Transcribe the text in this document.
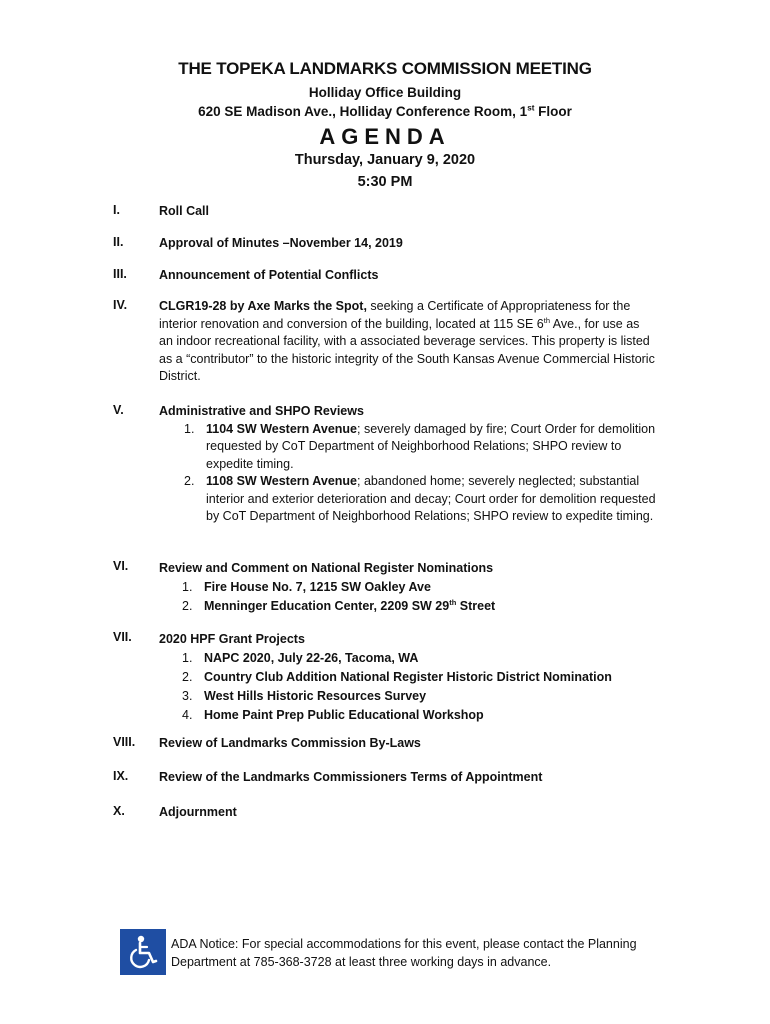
THE TOPEKA LANDMARKS COMMISSION MEETING
Holliday Office Building
620 SE Madison Ave., Holliday Conference Room, 1st Floor
AGENDA
Thursday, January 9, 2020
5:30 PM
I.	Roll Call
II.	Approval of Minutes –November 14, 2019
III.	Announcement of Potential Conflicts
IV.	CLGR19-28 by Axe Marks the Spot, seeking a Certificate of Appropriateness for the interior renovation and conversion of the building, located at 115 SE 6th Ave., for use as an indoor recreational facility, with a associated beverage services. This property is listed as a “contributor” to the historic integrity of the South Kansas Avenue Commercial Historic District.
V.	Administrative and SHPO Reviews
1. 1104 SW Western Avenue; severely damaged by fire; Court Order for demolition requested by CoT Department of Neighborhood Relations; SHPO review to expedite timing.
2. 1108 SW Western Avenue; abandoned home; severely neglected; substantial interior and exterior deterioration and decay; Court order for demolition requested by CoT Department of Neighborhood Relations; SHPO review to expedite timing.
VI. Review and Comment on National Register Nominations
1. Fire House No. 7, 1215 SW Oakley Ave
2. Menninger Education Center, 2209 SW 29th Street
VII. 2020 HPF Grant Projects
1. NAPC 2020, July 22-26, Tacoma, WA
2. Country Club Addition National Register Historic District Nomination
3. West Hills Historic Resources Survey
4. Home Paint Prep Public Educational Workshop
VIII. Review of Landmarks Commission By-Laws
IX. Review of the Landmarks Commissioners Terms of Appointment
X.	Adjournment
ADA Notice: For special accommodations for this event, please contact the Planning Department at 785-368-3728 at least three working days in advance.
